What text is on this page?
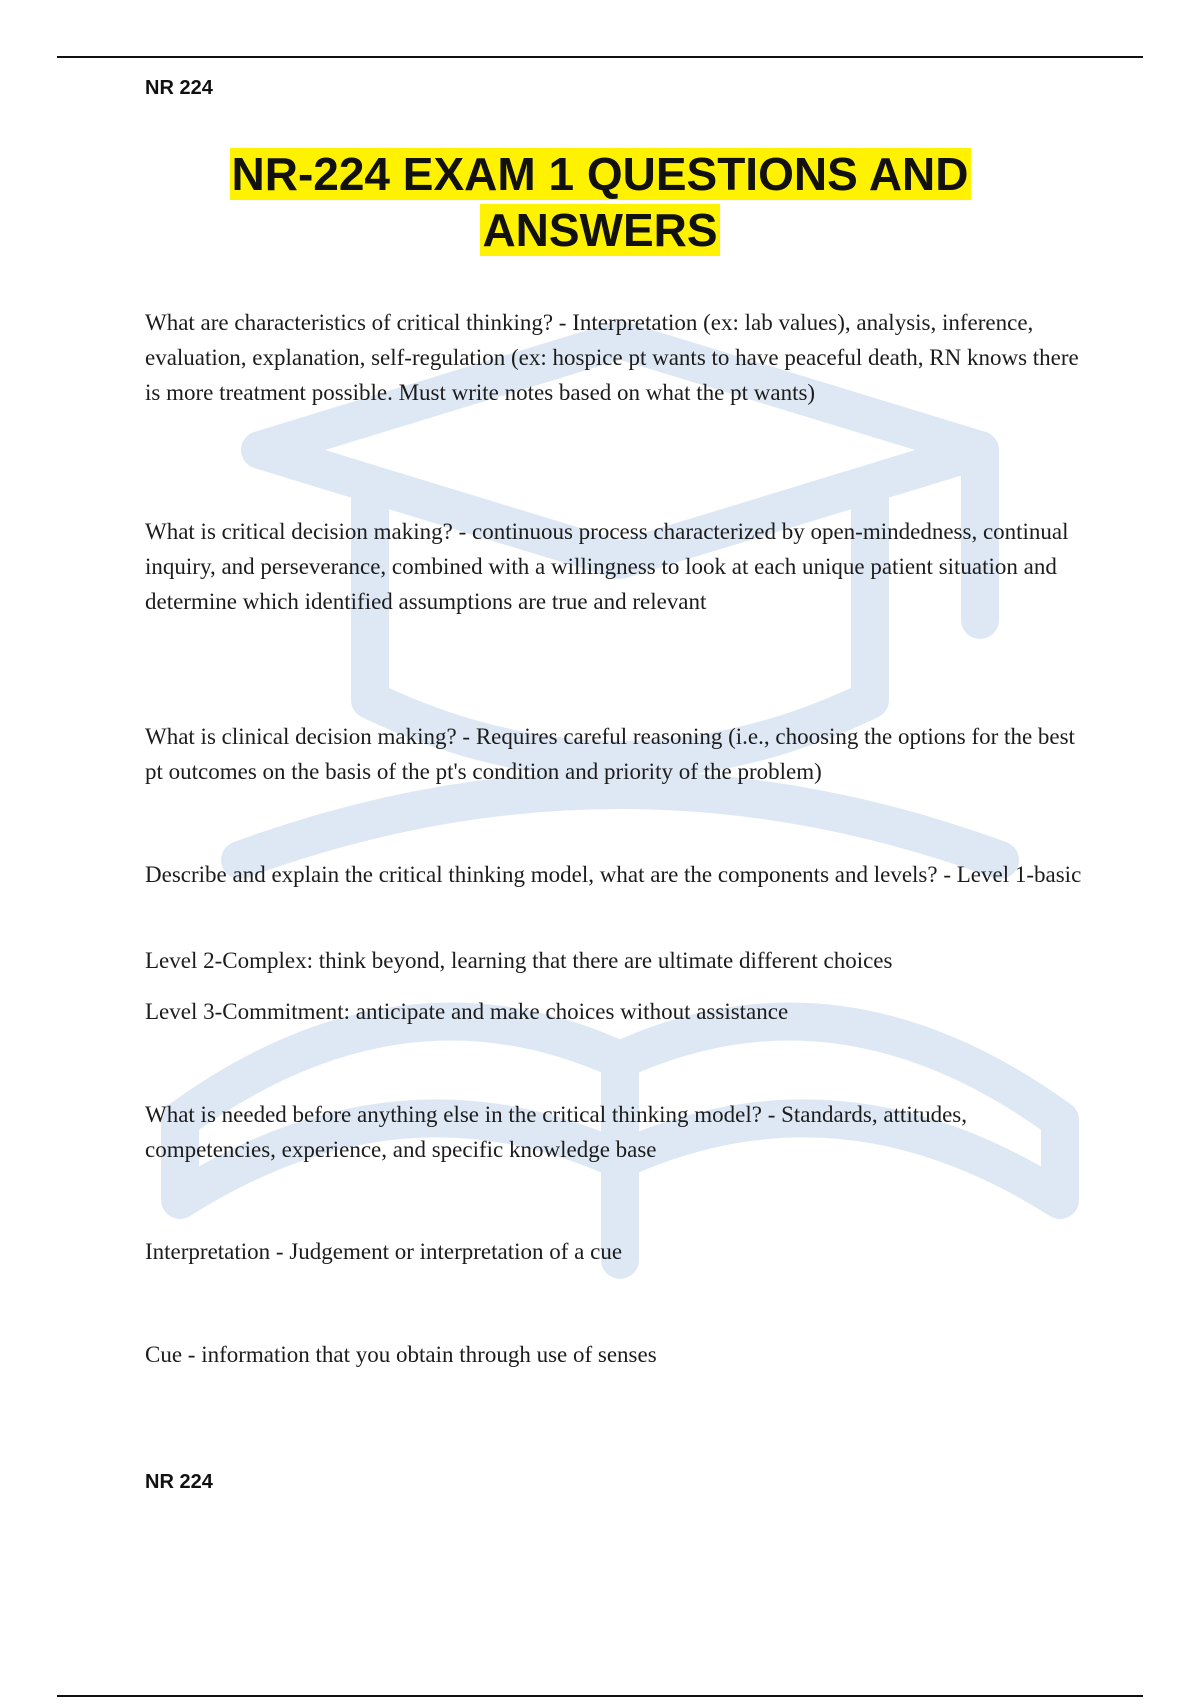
NR 224
NR-224 EXAM 1 QUESTIONS AND
ANSWERS

What are characteristics of critical thinking? - Interpretation (ex: lab values), analysis, inference, evaluation, explanation, self-regulation (ex: hospice pt wants to have peaceful death, RN knows there is more treatment possible. Must write notes based on what the pt wants)

What is critical decision making? - continuous process characterized by open-mindedness, continual inquiry, and perseverance, combined with a willingness to look at each unique patient situation and determine which identified assumptions are true and relevant

What is clinical decision making? - Requires careful reasoning (i.e., choosing the options for the best pt outcomes on the basis of the pt's condition and priority of the problem)

Describe and explain the critical thinking model, what are the components and levels? - Level 1-basic

Level 2-Complex: think beyond, learning that there are ultimate different choices

Level 3-Commitment: anticipate and make choices without assistance

What is needed before anything else in the critical thinking model? - Standards, attitudes, competencies, experience, and specific knowledge base

Interpretation - Judgement or interpretation of a cue

Cue - information that you obtain through use of senses

NR 224
